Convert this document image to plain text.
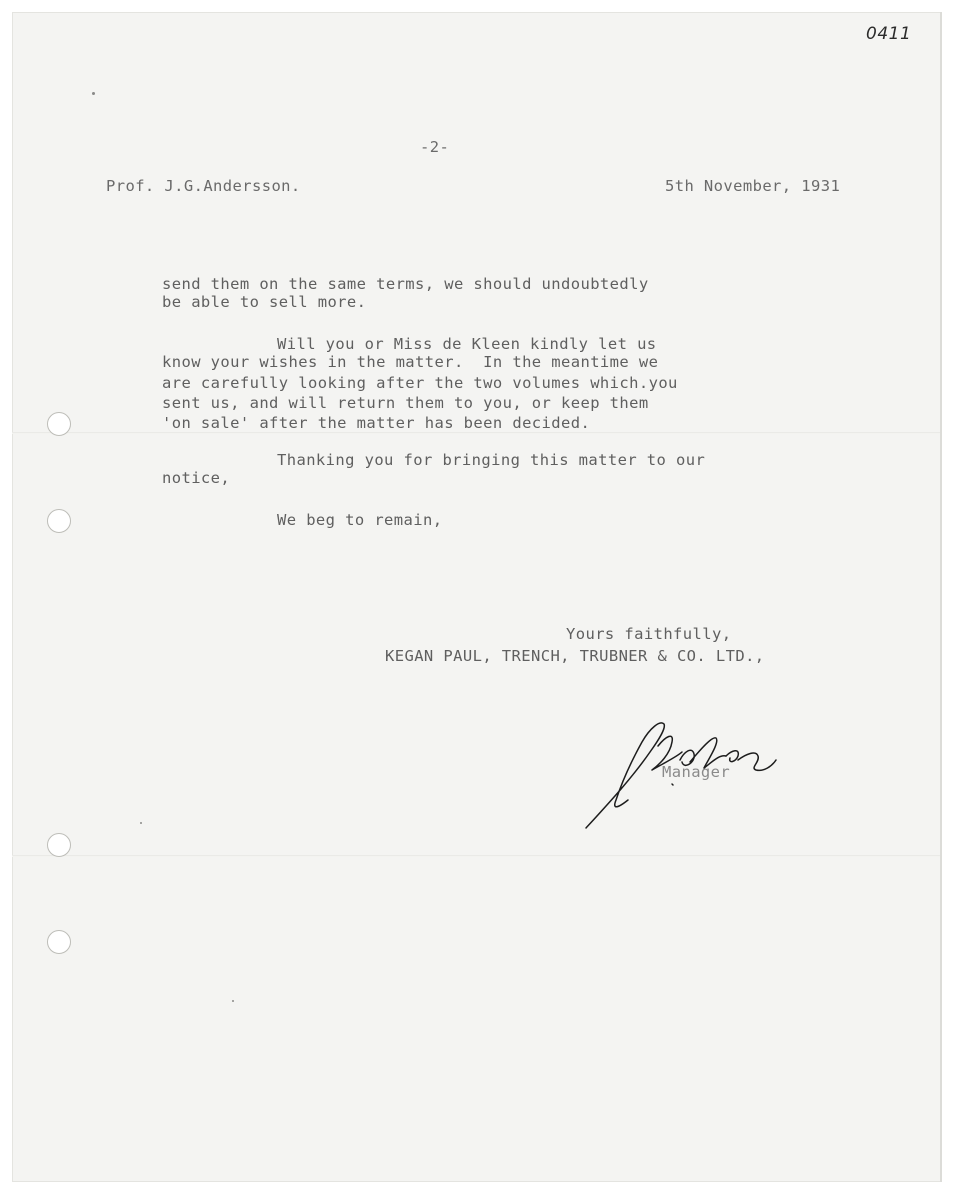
0411
-2-
Prof. J.G.Andersson.	5th November, 1931
send them on the same terms, we should undoubtedly
be able to sell more.
Will you or Miss de Kleen kindly let us
know your wishes in the matter.  In the meantime we
are carefully looking after the two volumes which.you
sent us, and will return them to you, or keep them
'on sale' after the matter has been decided.
Thanking you for bringing this matter to our
notice,
We beg to remain,
Yours faithfully,
KEGAN PAUL, TRENCH, TRUBNER & CO. LTD.,
Manager
